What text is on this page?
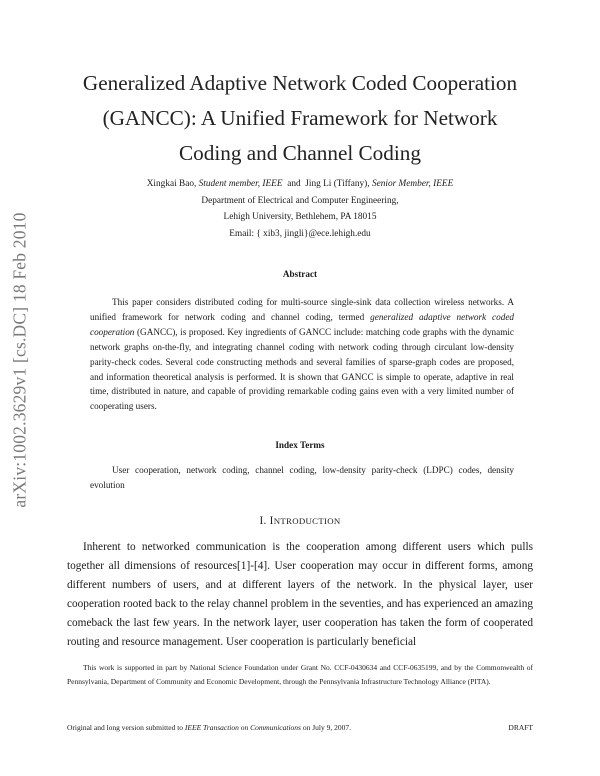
arXiv:1002.3629v1 [cs.DC] 18 Feb 2010
Generalized Adaptive Network Coded Cooperation
(GANCC): A Unified Framework for Network
Coding and Channel Coding
Xingkai Bao, Student member, IEEE and Jing Li (Tiffany), Senior Member, IEEE
Department of Electrical and Computer Engineering,
Lehigh University, Bethlehem, PA 18015
Email: { xib3, jingli}@ece.lehigh.edu
Abstract

This paper considers distributed coding for multi-source single-sink data collection wireless networks. A unified framework for network coding and channel coding, termed generalized adaptive network coded cooperation (GANCC), is proposed. Key ingredients of GANCC include: matching code graphs with the dynamic network graphs on-the-fly, and integrating channel coding with network coding through circulant low-density parity-check codes. Several code constructing methods and several families of sparse-graph codes are proposed, and information theoretical analysis is performed. It is shown that GANCC is simple to operate, adaptive in real time, distributed in nature, and capable of providing remarkable coding gains even with a very limited number of cooperating users.

Index Terms

User cooperation, network coding, channel coding, low-density parity-check (LDPC) codes, density evolution

I. INTRODUCTION

Inherent to networked communication is the cooperation among different users which pulls together all dimensions of resources[1]-[4]. User cooperation may occur in different forms, among different numbers of users, and at different layers of the network. In the physical layer, user cooperation rooted back to the relay channel problem in the seventies, and has experienced an amazing comeback the last few years. In the network layer, user cooperation has taken the form of cooperated routing and resource management. User cooperation is particularly beneficial

This work is supported in part by National Science Foundation under Grant No. CCF-0430634 and CCF-0635199, and by the Commonwealth of Pennsylvania, Department of Community and Economic Development, through the Pennsylvania Infrastructure Technology Alliance (PITA).

Original and long version submitted to IEEE Transaction on Communications on July 9, 2007.	DRAFT
